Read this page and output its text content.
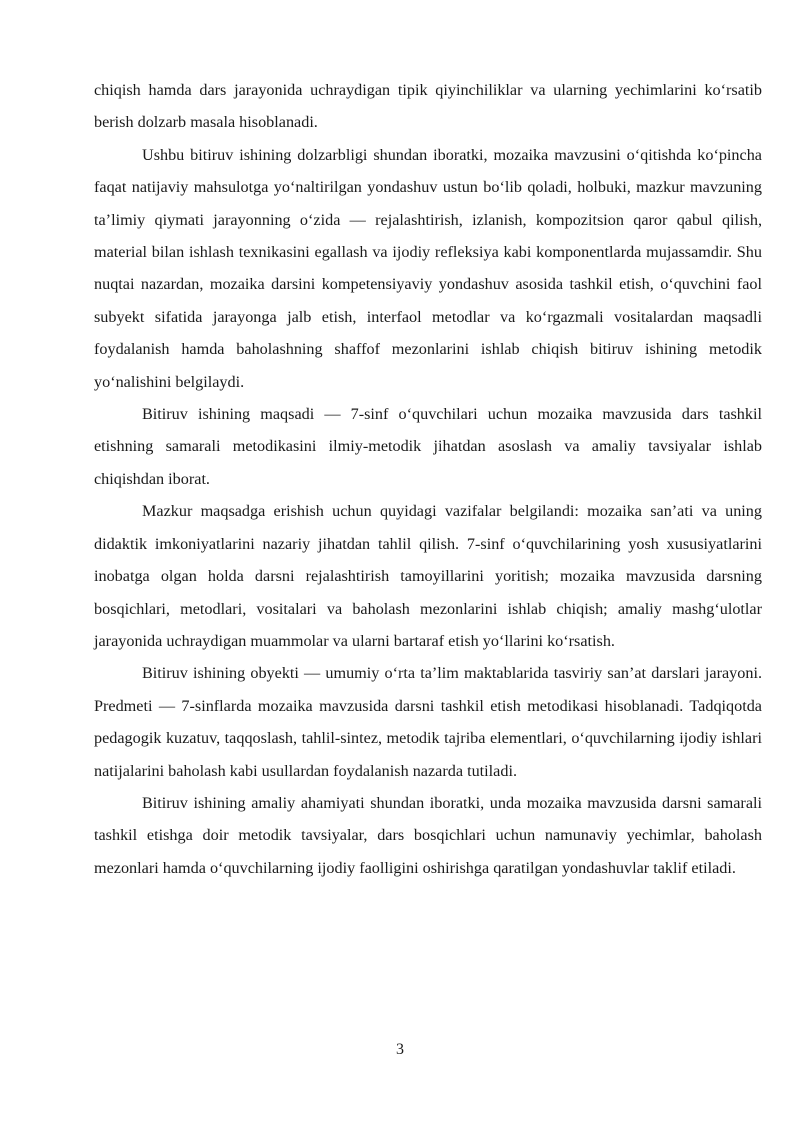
chiqish hamda dars jarayonida uchraydigan tipik qiyinchiliklar va ularning yechimlarini ko‘rsatib berish dolzarb masala hisoblanadi.

Ushbu bitiruv ishining dolzarbligi shundan iboratki, mozaika mavzusini o‘qitishda ko‘pincha faqat natijaviy mahsulotga yo‘naltirilgan yondashuv ustun bo‘lib qoladi, holbuki, mazkur mavzuning ta’limiy qiymati jarayonning o‘zida — rejalashtirish, izlanish, kompozitsion qaror qabul qilish, material bilan ishlash texnikasini egallash va ijodiy refleksiya kabi komponentlarda mujassamdir. Shu nuqtai nazardan, mozaika darsini kompetensiyaviy yondashuv asosida tashkil etish, o‘quvchini faol subyekt sifatida jarayonga jalb etish, interfaol metodlar va ko‘rgazmali vositalardan maqsadli foydalanish hamda baholashning shaffof mezonlarini ishlab chiqish bitiruv ishining metodik yo‘nalishini belgilaydi.

Bitiruv ishining maqsadi — 7-sinf o‘quvchilari uchun mozaika mavzusida dars tashkil etishning samarali metodikasini ilmiy-metodik jihatdan asoslash va amaliy tavsiyalar ishlab chiqishdan iborat.

Mazkur maqsadga erishish uchun quyidagi vazifalar belgilandi: mozaika san’ati va uning didaktik imkoniyatlarini nazariy jihatdan tahlil qilish. 7-sinf o‘quvchilarining yosh xususiyatlarini inobatga olgan holda darsni rejalashtirish tamoyillarini yoritish; mozaika mavzusida darsning bosqichlari, metodlari, vositalari va baholash mezonlarini ishlab chiqish; amaliy mashg‘ulotlar jarayonida uchraydigan muammolar va ularni bartaraf etish yo‘llarini ko‘rsatish.

Bitiruv ishining obyekti — umumiy o‘rta ta’lim maktablarida tasviriy san’at darslari jarayoni. Predmeti — 7-sinflarda mozaika mavzusida darsni tashkil etish metodikasi hisoblanadi. Tadqiqotda pedagogik kuzatuv, taqqoslash, tahlil-sintez, metodik tajriba elementlari, o‘quvchilarning ijodiy ishlari natijalarini baholash kabi usullardan foydalanish nazarda tutiladi.

Bitiruv ishining amaliy ahamiyati shundan iboratki, unda mozaika mavzusida darsni samarali tashkil etishga doir metodik tavsiyalar, dars bosqichlari uchun namunaviy yechimlar, baholash mezonlari hamda o‘quvchilarning ijodiy faolligini oshirishga qaratilgan yondashuvlar taklif etiladi.

3
